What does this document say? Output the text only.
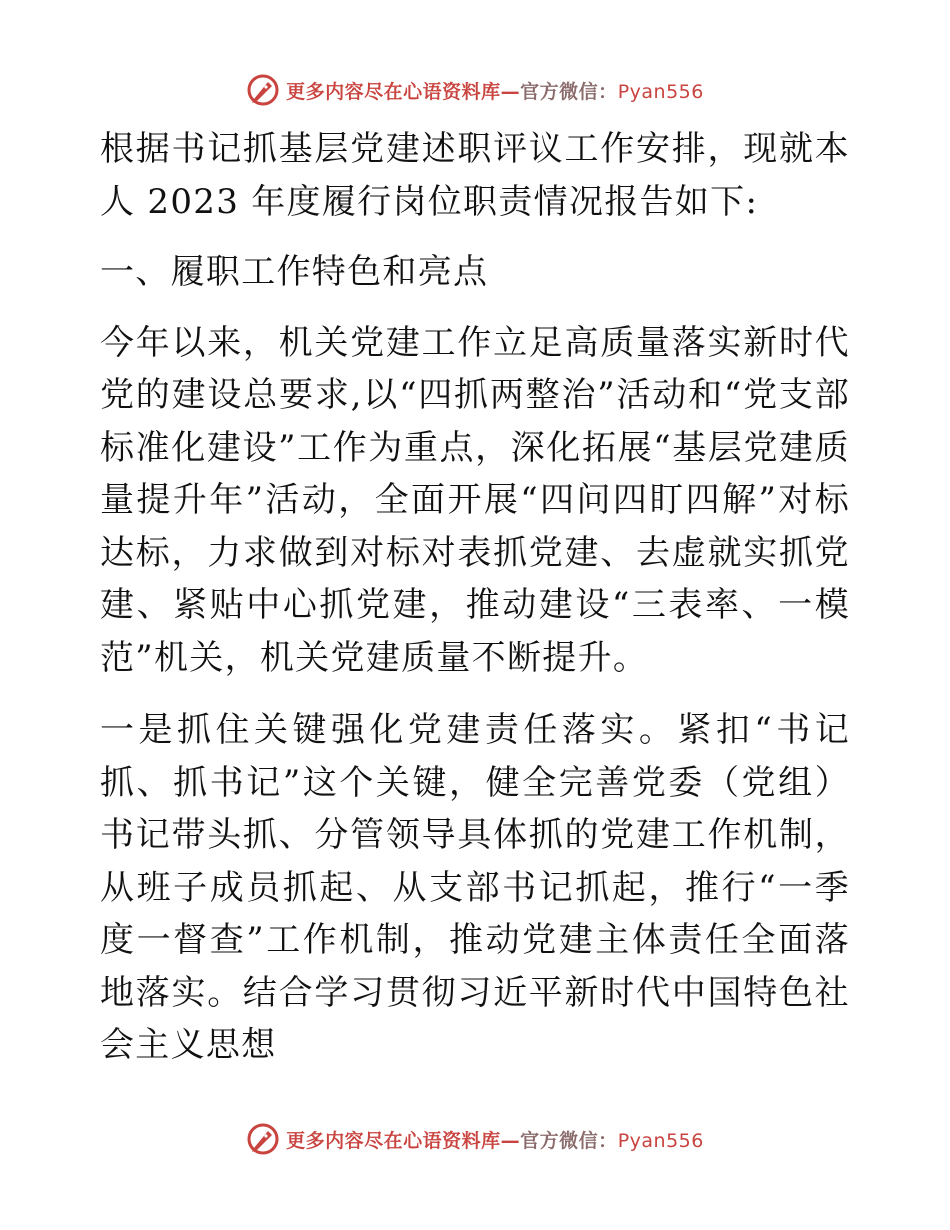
更多内容尽在心语资料库—官方微信：Pyan556

根据书记抓基层党建述职评议工作安排，现就本人 2023 年度履行岗位职责情况报告如下:

一、履职工作特色和亮点

今年以来，机关党建工作立足高质量落实新时代党的建设总要求,以“四抓两整治”活动和“党支部标准化建设”工作为重点，深化拓展“基层党建质量提升年”活动，全面开展“四问四盯四解”对标达标，力求做到对标对表抓党建、去虚就实抓党建、紧贴中心抓党建，推动建设“三表率、一模范”机关，机关党建质量不断提升。

一是抓住关键强化党建责任落实。紧扣“书记抓、抓书记”这个关键，健全完善党委（党组）书记带头抓、分管领导具体抓的党建工作机制，从班子成员抓起、从支部书记抓起，推行“一季度一督查”工作机制，推动党建主体责任全面落地落实。结合学习贯彻习近平新时代中国特色社会主义思想

更多内容尽在心语资料库—官方微信：Pyan556
